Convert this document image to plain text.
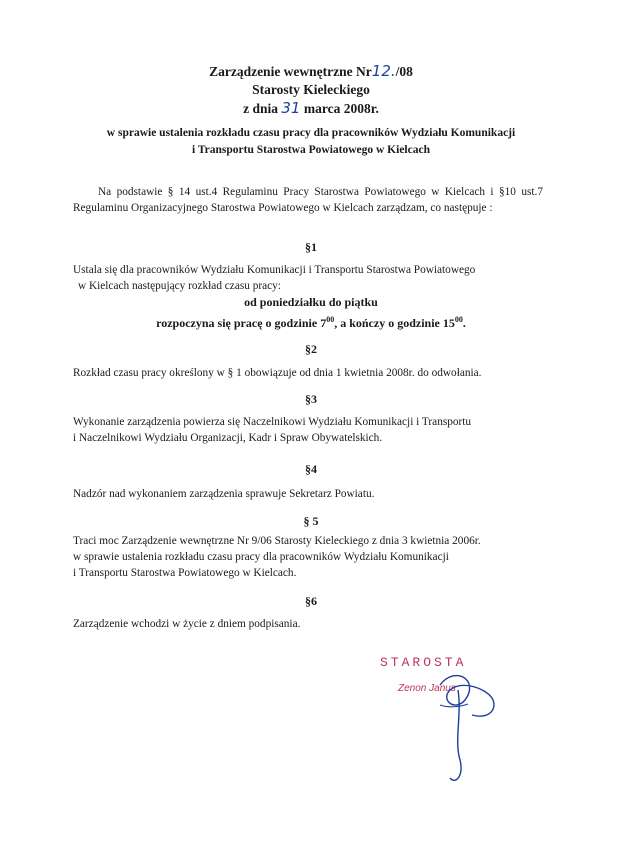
Zarządzenie wewnętrzne Nr12./08
Starosty Kieleckiego
z dnia 31 marca 2008r.
w sprawie ustalenia rozkładu czasu pracy dla pracowników Wydziału Komunikacji
i Transportu Starostwa Powiatowego w Kielcach
Na podstawie § 14 ust.4 Regulaminu Pracy Starostwa Powiatowego w Kielcach i §10 ust.7 Regulaminu Organizacyjnego Starostwa Powiatowego w Kielcach zarządzam, co następuje :
§1
Ustala się dla pracowników Wydziału Komunikacji i Transportu Starostwa Powiatowego
w Kielcach następujący rozkład czasu pracy:
od poniedziałku do piątku
rozpoczyna się pracę o godzinie $7^{00}$, a kończy o godzinie $15^{00}$.
§2
Rozkład czasu pracy określony w § 1 obowiązuje od dnia 1 kwietnia 2008r. do odwołania.
§3
Wykonanie zarządzenia powierza się Naczelnikowi Wydziału Komunikacji i Transportu
i Naczelnikowi Wydziału Organizacji, Kadr i Spraw Obywatelskich.
§4
Nadzór nad wykonaniem zarządzenia sprawuje Sekretarz Powiatu.
§ 5
Traci moc Zarządzenie wewnętrzne Nr 9/06 Starosty Kieleckiego z dnia 3 kwietnia 2006r.
w sprawie ustalenia rozkładu czasu pracy dla pracowników Wydziału Komunikacji
i Transportu Starostwa Powiatowego w Kielcach.
§6
Zarządzenie wchodzi w życie z dniem podpisania.
STAROSTA
Zenon Janus
